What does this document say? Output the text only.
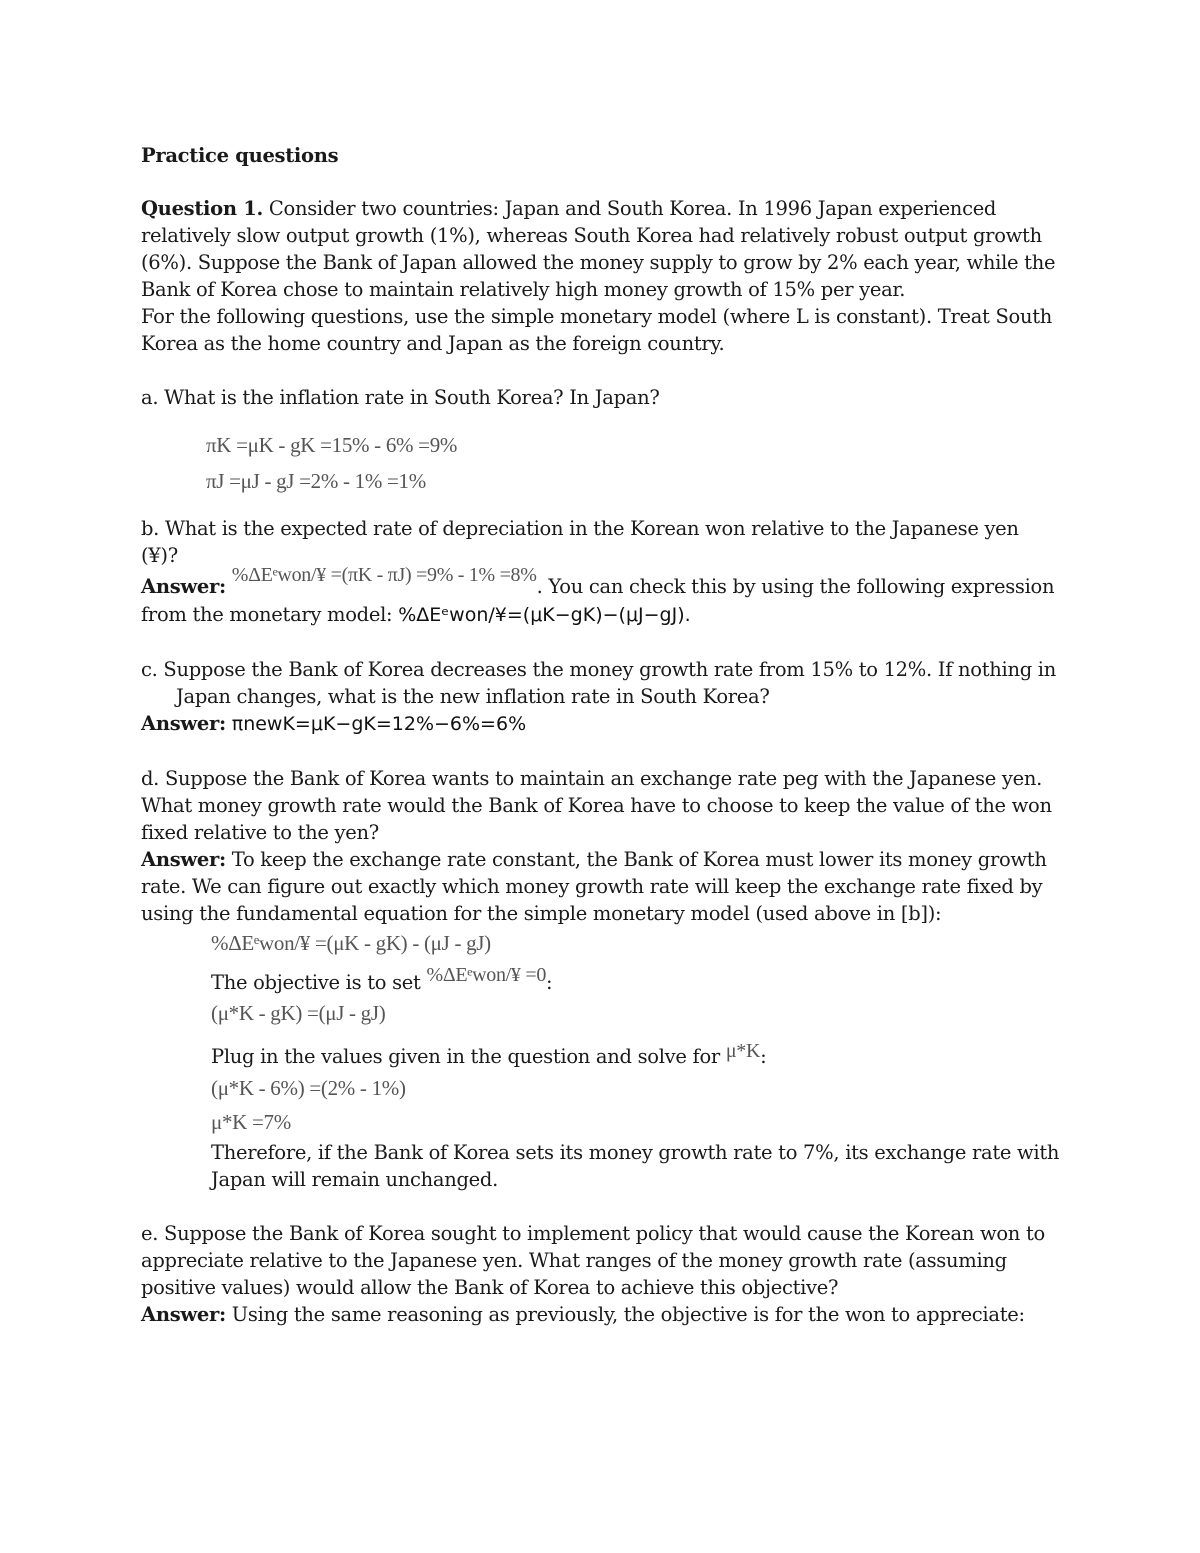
Practice questions

Question 1. Consider two countries: Japan and South Korea. In 1996 Japan experienced relatively slow output growth (1%), whereas South Korea had relatively robust output growth (6%). Suppose the Bank of Japan allowed the money supply to grow by 2% each year, while the Bank of Korea chose to maintain relatively high money growth of 15% per year.

For the following questions, use the simple monetary model (where L is constant). Treat South Korea as the home country and Japan as the foreign country.

a. What is the inflation rate in South Korea? In Japan?

πK =μK - gK =15% - 6% =9%
πJ =μJ - gJ =2% - 1% =1%

b. What is the expected rate of depreciation in the Korean won relative to the Japanese yen (¥)?

Answer: %ΔEᵉwon/¥ =(πK - πJ) =9% - 1% =8%. You can check this by using the following expression from the monetary model: %ΔEᵉwon/¥=(μK−gK)−(μJ−gJ).

c. Suppose the Bank of Korea decreases the money growth rate from 15% to 12%. If nothing in Japan changes, what is the new inflation rate in South Korea?

Answer: πnewK=μK−gK=12%−6%=6%

d. Suppose the Bank of Korea wants to maintain an exchange rate peg with the Japanese yen. What money growth rate would the Bank of Korea have to choose to keep the value of the won fixed relative to the yen?

Answer: To keep the exchange rate constant, the Bank of Korea must lower its money growth rate. We can figure out exactly which money growth rate will keep the exchange rate fixed by using the fundamental equation for the simple monetary model (used above in [b]):

%ΔEᵉwon/¥ =(μK - gK) - (μJ - gJ)

The objective is to set %ΔEᵉwon/¥ =0:

(μ*K - gK) =(μJ - gJ)

Plug in the values given in the question and solve for μ*K:

(μ*K - 6%) =(2% - 1%)
μ*K =7%

Therefore, if the Bank of Korea sets its money growth rate to 7%, its exchange rate with Japan will remain unchanged.

e. Suppose the Bank of Korea sought to implement policy that would cause the Korean won to appreciate relative to the Japanese yen. What ranges of the money growth rate (assuming positive values) would allow the Bank of Korea to achieve this objective?

Answer: Using the same reasoning as previously, the objective is for the won to appreciate:
